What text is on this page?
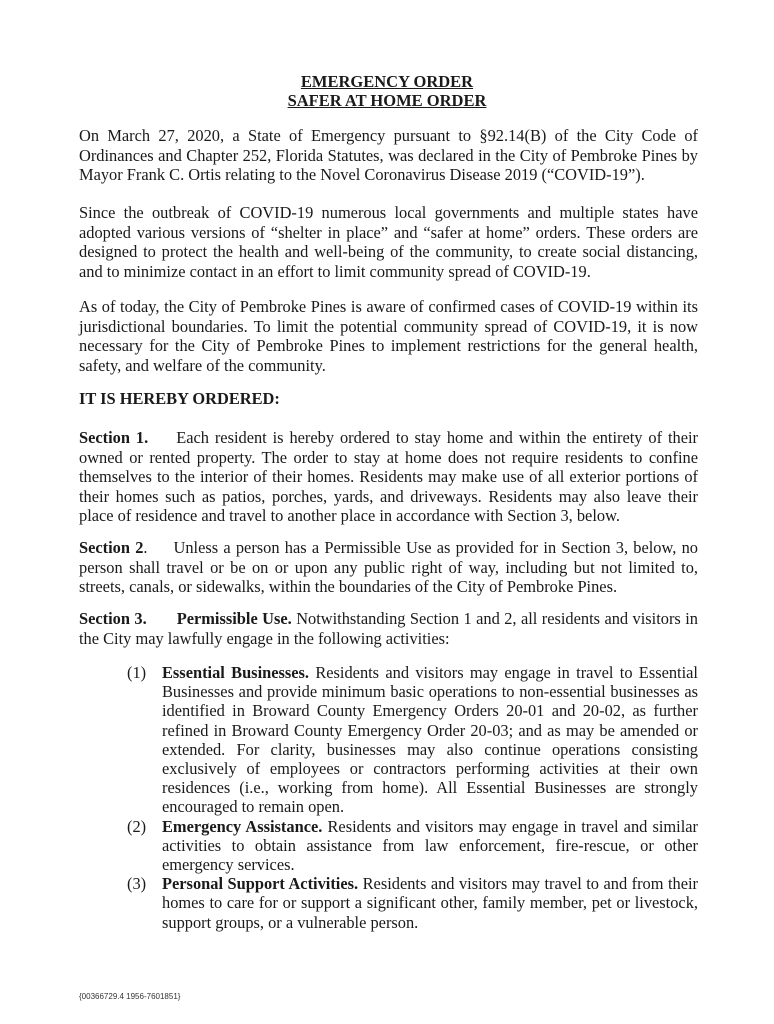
EMERGENCY ORDER
SAFER AT HOME ORDER
On March 27, 2020, a State of Emergency pursuant to §92.14(B) of the City Code of Ordinances and Chapter 252, Florida Statutes, was declared in the City of Pembroke Pines by Mayor Frank C. Ortis relating to the Novel Coronavirus Disease 2019 (“COVID-19”).
Since the outbreak of COVID-19 numerous local governments and multiple states have adopted various versions of “shelter in place” and “safer at home” orders. These orders are designed to protect the health and well-being of the community, to create social distancing, and to minimize contact in an effort to limit community spread of COVID-19.
As of today, the City of Pembroke Pines is aware of confirmed cases of COVID-19 within its jurisdictional boundaries. To limit the potential community spread of COVID-19, it is now necessary for the City of Pembroke Pines to implement restrictions for the general health, safety, and welfare of the community.
IT IS HEREBY ORDERED:
Section 1. Each resident is hereby ordered to stay home and within the entirety of their owned or rented property. The order to stay at home does not require residents to confine themselves to the interior of their homes. Residents may make use of all exterior portions of their homes such as patios, porches, yards, and driveways. Residents may also leave their place of residence and travel to another place in accordance with Section 3, below.
Section 2. Unless a person has a Permissible Use as provided for in Section 3, below, no person shall travel or be on or upon any public right of way, including but not limited to, streets, canals, or sidewalks, within the boundaries of the City of Pembroke Pines.
Section 3. Permissible Use. Notwithstanding Section 1 and 2, all residents and visitors in the City may lawfully engage in the following activities:
(1) Essential Businesses. Residents and visitors may engage in travel to Essential Businesses and provide minimum basic operations to non-essential businesses as identified in Broward County Emergency Orders 20-01 and 20-02, as further refined in Broward County Emergency Order 20-03; and as may be amended or extended. For clarity, businesses may also continue operations consisting exclusively of employees or contractors performing activities at their own residences (i.e., working from home). All Essential Businesses are strongly encouraged to remain open.
(2) Emergency Assistance. Residents and visitors may engage in travel and similar activities to obtain assistance from law enforcement, fire-rescue, or other emergency services.
(3) Personal Support Activities. Residents and visitors may travel to and from their homes to care for or support a significant other, family member, pet or livestock, support groups, or a vulnerable person.
{00366729.4 1956-7601851}
